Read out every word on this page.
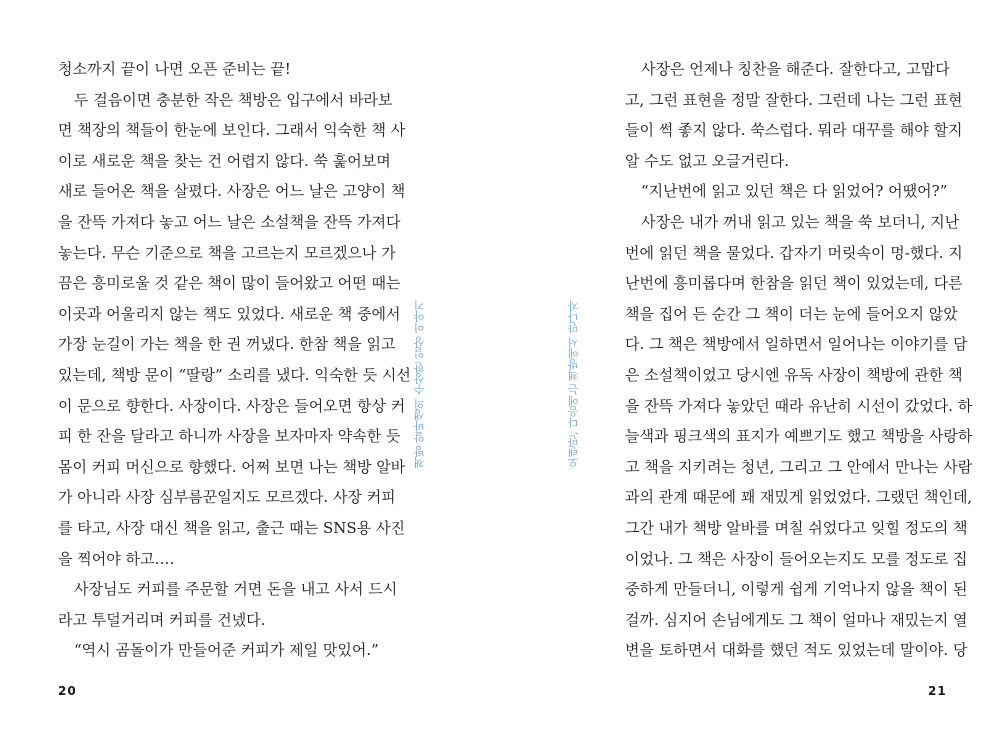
청소까지 끝이 나면 오픈 준비는 끝!
두 걸음이면 충분한 작은 책방은 입구에서 바라보
면 책장의 책들이 한눈에 보인다. 그래서 익숙한 책 사
이로 새로운 책을 찾는 건 어렵지 않다. 쑥 훑어보며
새로 들어온 책을 살폈다. 사장은 어느 날은 고양이 책
을 잔뜩 가져다 놓고 어느 날은 소설책을 잔뜩 가져다
놓는다. 무슨 기준으로 책을 고르는지 모르겠으나 가
끔은 흥미로울 것 같은 책이 많이 들어왔고 어떤 때는
이곳과 어울리지 않는 책도 있었다. 새로운 책 중에서
가장 눈길이 가는 책을 한 권 꺼냈다. 한참 책을 읽고
있는데, 책방 문이 “딸랑” 소리를 냈다. 익숙한 듯 시선
이 문으로 향한다. 사장이다. 사장은 들어오면 항상 커
피 한 잔을 달라고 하니까 사장을 보자마자 약속한 듯
몸이 커피 머신으로 향했다. 어쩌 보면 나는 책방 알바
가 아니라 사장 심부름꾼일지도 모르겠다. 사장 커피
를 타고, 사장 대신 책을 읽고, 출근 때는 SNS용 사진
을 찍어야 하고….
사장님도 커피를 주문할 거면 돈을 내고 사서 드시
라고 투덜거리며 커피를 건넸다.
“역시 곰돌이가 만들어준 커피가 제일 맛있어.”
책방 알바생의 수상한 일상 이야기
20
오랜만, 다음에는 책방에서 만나자
사장은 언제나 칭찬을 해준다. 잘한다고, 고맙다
고, 그런 표현을 정말 잘한다. 그런데 나는 그런 표현
들이 썩 좋지 않다. 쑥스럽다. 뭐라 대꾸를 해야 할지
알 수도 없고 오글거린다.
“지난번에 읽고 있던 책은 다 읽었어? 어땠어?”
사장은 내가 꺼내 읽고 있는 책을 쑥 보더니, 지난
번에 읽던 책을 물었다. 갑자기 머릿속이 멍-했다. 지
난번에 흥미롭다며 한참을 읽던 책이 있었는데, 다른
책을 집어 든 순간 그 책이 더는 눈에 들어오지 않았
다. 그 책은 책방에서 일하면서 일어나는 이야기를 담
은 소설책이었고 당시엔 유독 사장이 책방에 관한 책
을 잔뜩 가져다 놓았던 때라 유난히 시선이 갔었다. 하
늘색과 핑크색의 표지가 예쁘기도 했고 책방을 사랑하
고 책을 지키려는 청년, 그리고 그 안에서 만나는 사람
과의 관계 때문에 꽤 재밌게 읽었었다. 그랬던 책인데,
그간 내가 책방 알바를 며칠 쉬었다고 잊힐 정도의 책
이었나. 그 책은 사장이 들어오는지도 모를 정도로 집
중하게 만들더니, 이렇게 쉽게 기억나지 않을 책이 된
걸까. 심지어 손님에게도 그 책이 얼마나 재밌는지 열
변을 토하면서 대화를 했던 적도 있었는데 말이야. 당
21
